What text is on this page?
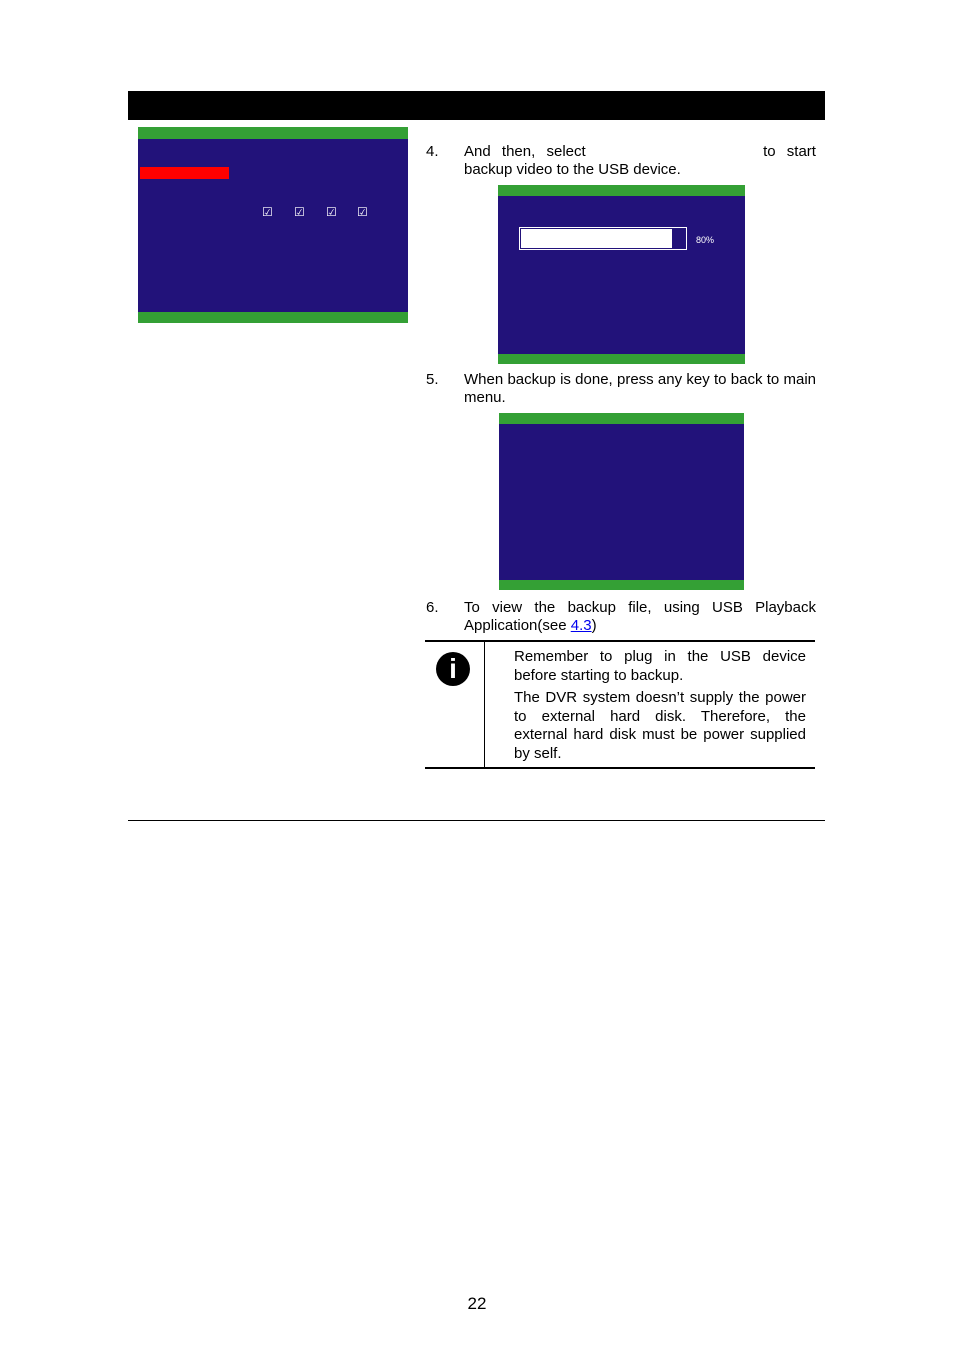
☑ ☑ ☑ ☑
4. And then, select	to start
backup video to the USB device.
80%
5. When backup is done, press any key to back to main menu.
6. To view the backup file, using USB Playback Application(see 4.3)
i	Remember to plug in the USB device before starting to backup.
The DVR system doesn’t supply the power to external hard disk. Therefore, the external hard disk must be power supplied by self.
22
